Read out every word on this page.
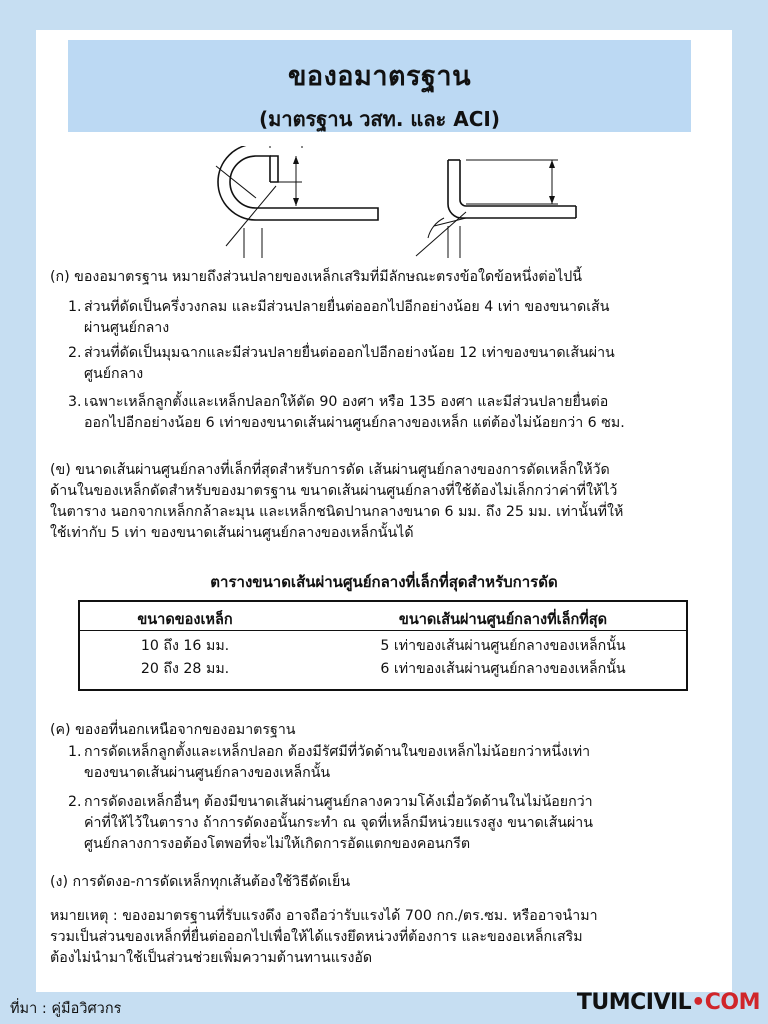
ของอมาตรฐาน
(มาตรฐาน วสท. และ ACI)
(ก) ของอมาตรฐาน หมายถึงส่วนปลายของเหล็กเสริมที่มีลักษณะตรงข้อใดข้อหนึ่งต่อไปนี้
1. ส่วนที่ดัดเป็นครึ่งวงกลม และมีส่วนปลายยื่นต่อออกไปอีกอย่างน้อย 4 เท่า ของขนาดเส้น
ผ่านศูนย์กลาง
2. ส่วนที่ดัดเป็นมุมฉากและมีส่วนปลายยื่นต่อออกไปอีกอย่างน้อย 12 เท่าของขนาดเส้นผ่าน
ศูนย์กลาง
3. เฉพาะเหล็กลูกตั้งและเหล็กปลอกให้ดัด 90 องศา หรือ 135 องศา และมีส่วนปลายยื่นต่อ
ออกไปอีกอย่างน้อย 6 เท่าของขนาดเส้นผ่านศูนย์กลางของเหล็ก แต่ต้องไม่น้อยกว่า 6 ซม.
(ข) ขนาดเส้นผ่านศูนย์กลางที่เล็กที่สุดสำหรับการดัด เส้นผ่านศูนย์กลางของการดัดเหล็กให้วัด
ด้านในของเหล็กดัดสำหรับของมาตรฐาน ขนาดเส้นผ่านศูนย์กลางที่ใช้ต้องไม่เล็กกว่าค่าที่ให้ไว้
ในตาราง นอกจากเหล็กกล้าละมุน และเหล็กชนิดปานกลางขนาด 6 มม. ถึง 25 มม. เท่านั้นที่ให้
ใช้เท่ากับ 5 เท่า ของขนาดเส้นผ่านศูนย์กลางของเหล็กนั้นได้
ตารางขนาดเส้นผ่านศูนย์กลางที่เล็กที่สุดสำหรับการดัด
ขนาดของเหล็ก	ขนาดเส้นผ่านศูนย์กลางที่เล็กที่สุด
10 ถึง 16 มม.	5 เท่าของเส้นผ่านศูนย์กลางของเหล็กนั้น
20 ถึง 28 มม.	6 เท่าของเส้นผ่านศูนย์กลางของเหล็กนั้น
(ค) ของอที่นอกเหนือจากของอมาตรฐาน
1. การดัดเหล็กลูกตั้งและเหล็กปลอก ต้องมีรัศมีที่วัดด้านในของเหล็กไม่น้อยกว่าหนึ่งเท่า
ของขนาดเส้นผ่านศูนย์กลางของเหล็กนั้น
2. การดัดงอเหล็กอื่นๆ ต้องมีขนาดเส้นผ่านศูนย์กลางความโค้งเมื่อวัดด้านในไม่น้อยกว่า
ค่าที่ให้ไว้ในตาราง ถ้าการดัดงอนั้นกระทำ ณ จุดที่เหล็กมีหน่วยแรงสูง ขนาดเส้นผ่าน
ศูนย์กลางการงอต้องโตพอที่จะไม่ให้เกิดการอัดแตกของคอนกรีต
(ง) การดัดงอ-การดัดเหล็กทุกเส้นต้องใช้วิธีดัดเย็น
หมายเหตุ : ของอมาตรฐานที่รับแรงดึง อาจถือว่ารับแรงได้ 700 กก./ตร.ซม. หรืออาจนำมา
รวมเป็นส่วนของเหล็กที่ยื่นต่อออกไปเพื่อให้ได้แรงยึดหน่วงที่ต้องการ และของอเหล็กเสริม
ต้องไม่นำมาใช้เป็นส่วนช่วยเพิ่มความต้านทานแรงอัด
ที่มา : คู่มือวิศวกร	TUMCIVIL•COM
